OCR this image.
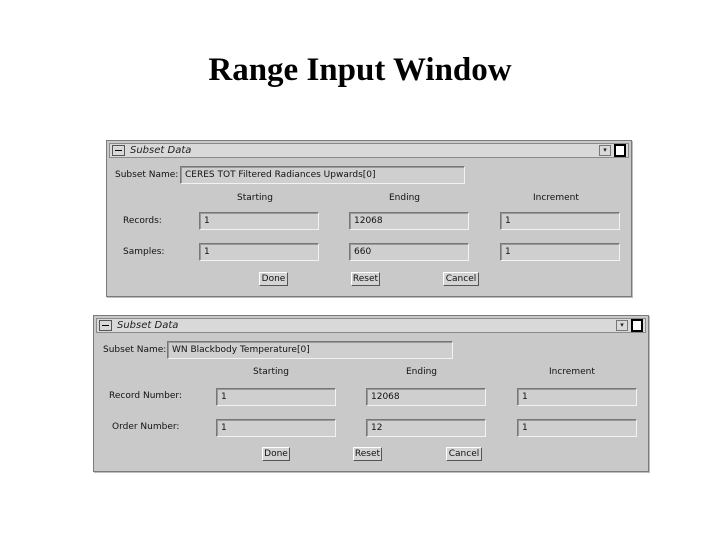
Range Input Window
Subset Data	▾
Subset Name: CERES TOT Filtered Radiances Upwards[0]
Starting	Ending	Increment
Records:	1	12068	1
Samples:	1	660	1
Done	Reset	Cancel
Subset Data	▾
Subset Name: WN Blackbody Temperature[0]
Starting	Ending	Increment
Record Number:	1	12068	1
Order Number:	1	12	1
Done	Reset	Cancel
